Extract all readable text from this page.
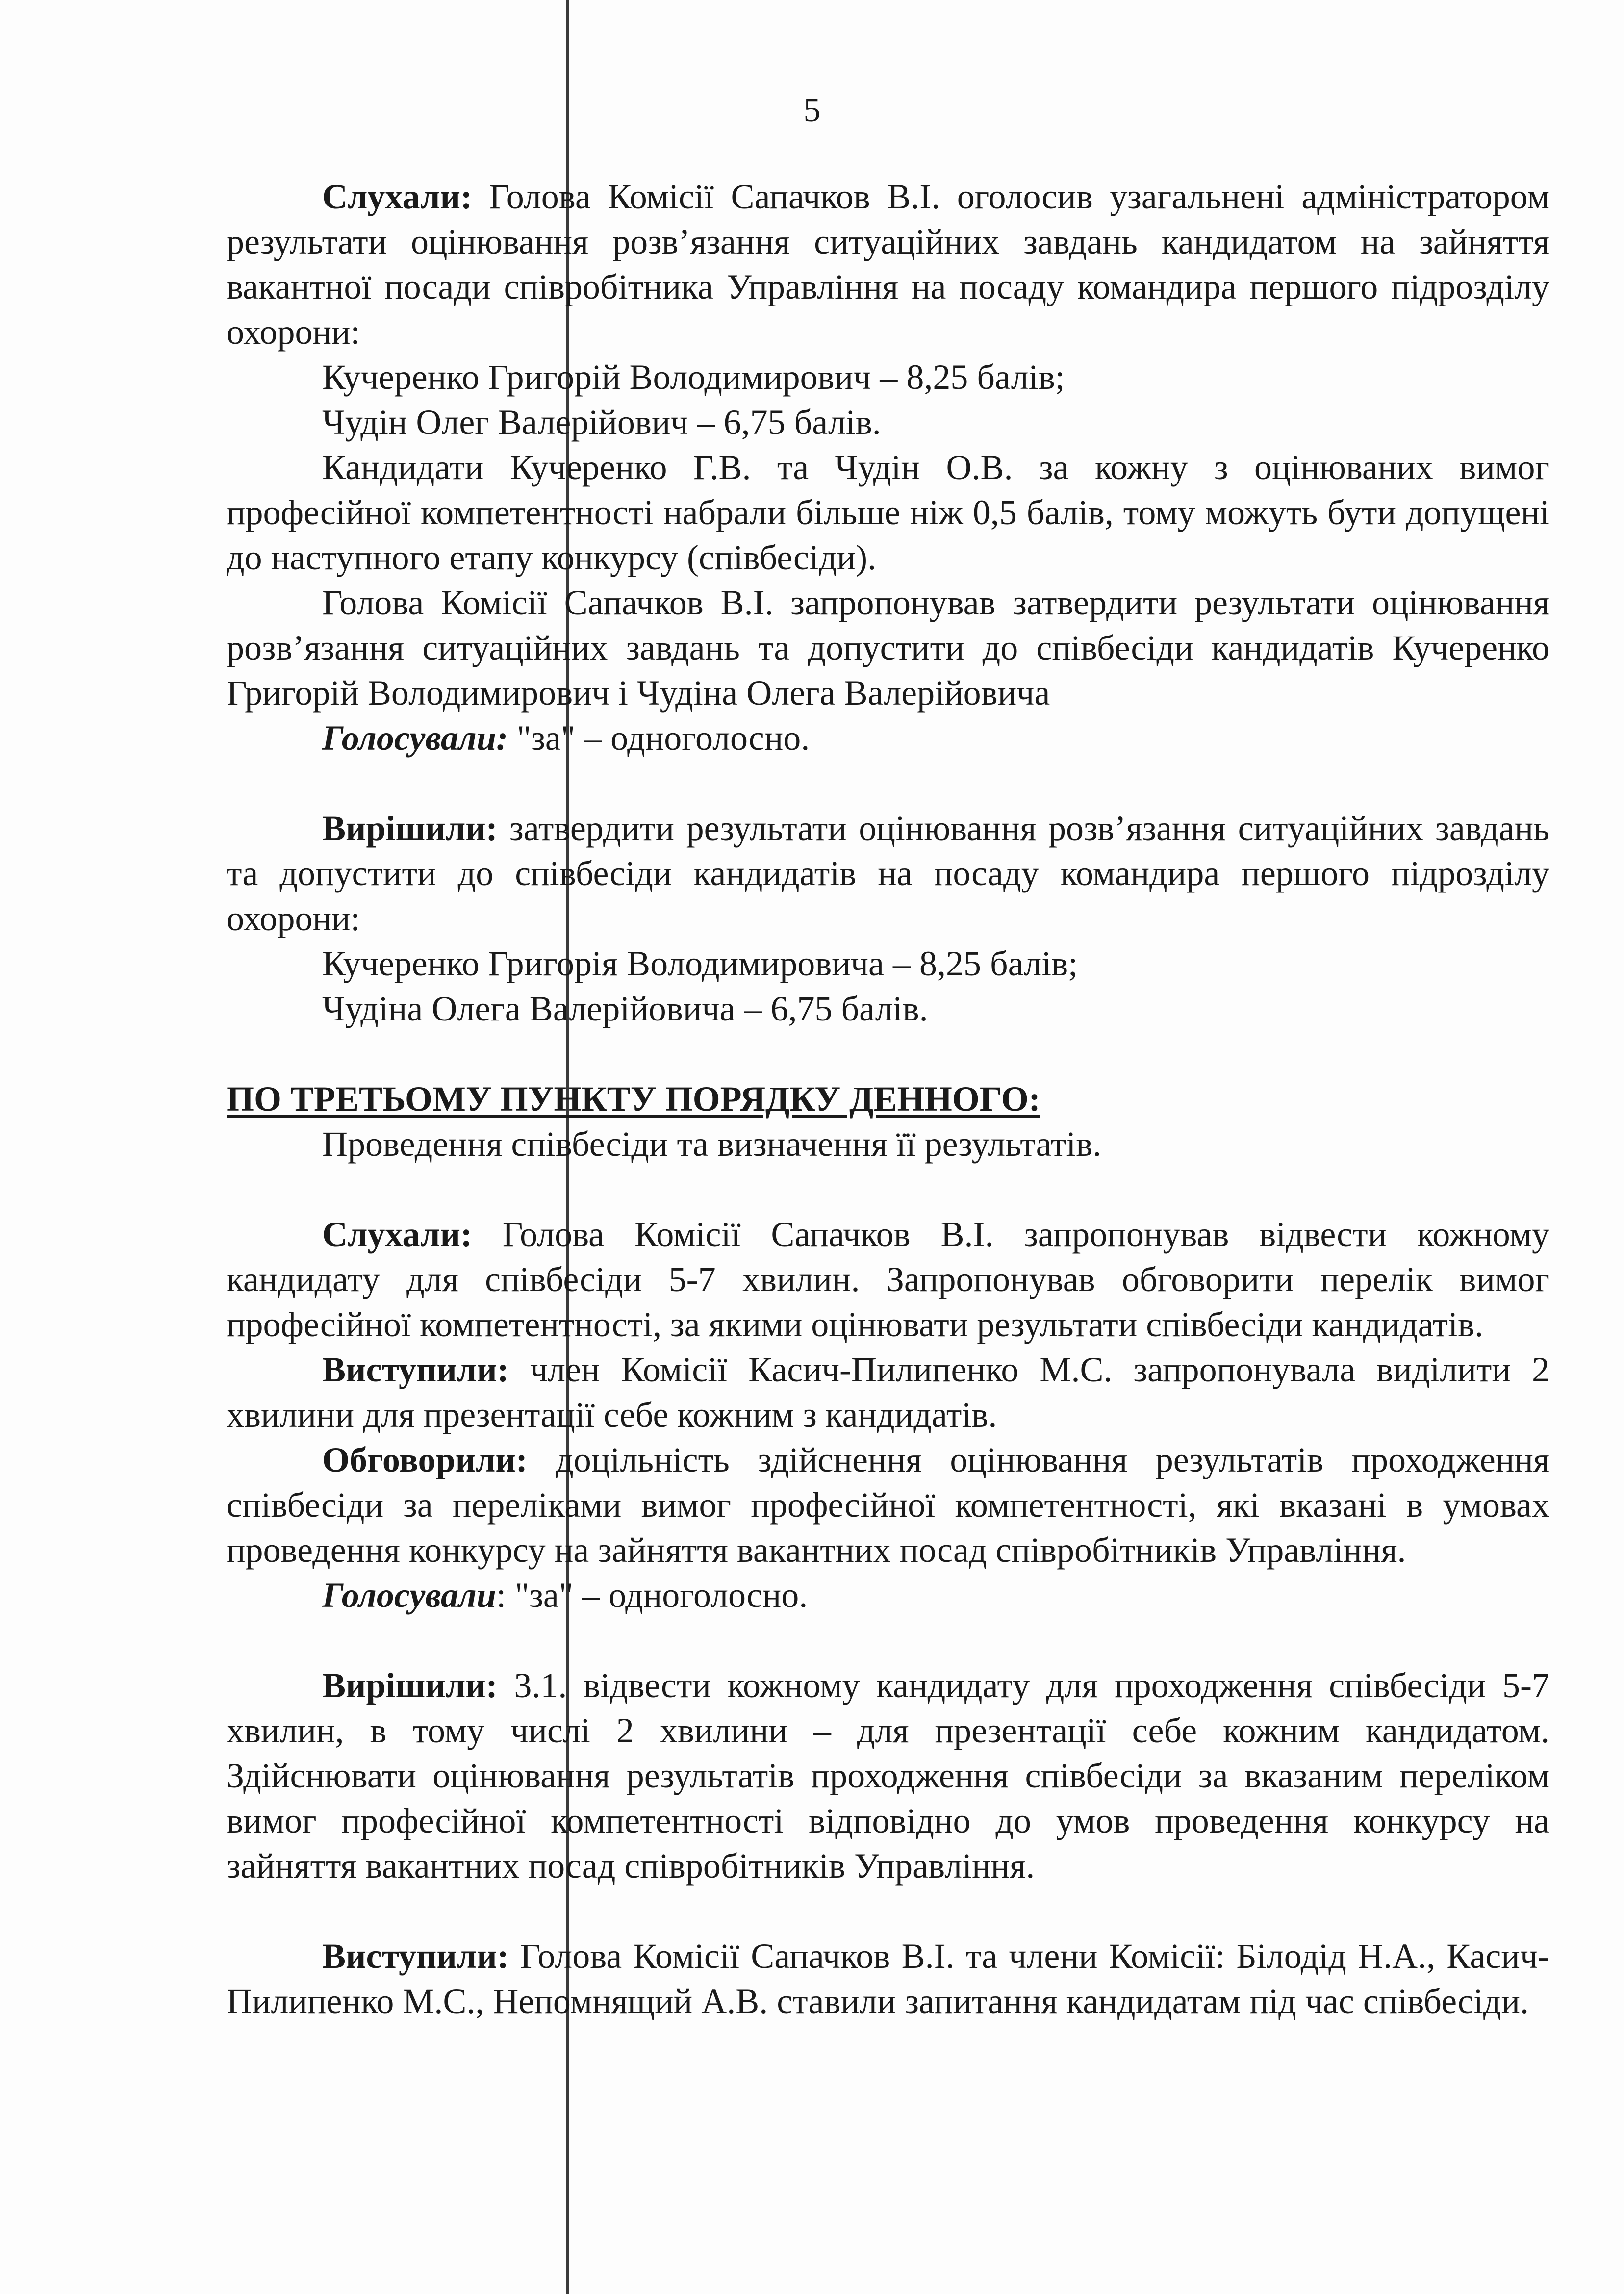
5

Слухали: Голова Комісії Сапачков В.І. оголосив узагальнені адміністратором результати оцінювання розв’язання ситуаційних завдань кандидатом на зайняття вакантної посади співробітника Управління на посаду командира першого підрозділу охорони:

Кучеренко Григорій Володимирович – 8,25 балів;

Чудін Олег Валерійович – 6,75 балів.

Кандидати Кучеренко Г.В. та Чудін О.В. за кожну з оцінюваних вимог професійної компетентності набрали більше ніж 0,5 балів, тому можуть бути допущені до наступного етапу конкурсу (співбесіди).

Голова Комісії Сапачков В.І. запропонував затвердити результати оцінювання розв’язання ситуаційних завдань та допустити до співбесіди кандидатів Кучеренко Григорій Володимирович і Чудіна Олега Валерійовича

Голосували: "за" – одноголосно.

Вирішили: затвердити результати оцінювання розв’язання ситуаційних завдань та допустити до співбесіди кандидатів на посаду командира першого підрозділу охорони:

Кучеренко Григорія Володимировича – 8,25 балів;

Чудіна Олега Валерійовича – 6,75 балів.

ПО ТРЕТЬОМУ ПУНКТУ ПОРЯДКУ ДЕННОГО:

Проведення співбесіди та визначення її результатів.

Слухали: Голова Комісії Сапачков В.І. запропонував відвести кожному кандидату для співбесіди 5-7 хвилин. Запропонував обговорити перелік вимог професійної компетентності, за якими оцінювати результати співбесіди кандидатів.

Виступили: член Комісії Касич-Пилипенко М.С. запропонувала виділити 2 хвилини для презентації себе кожним з кандидатів.

Обговорили: доцільність здійснення оцінювання результатів проходження співбесіди за переліками вимог професійної компетентності, які вказані в умовах проведення конкурсу на зайняття вакантних посад співробітників Управління.

Голосували: "за" – одноголосно.

Вирішили: 3.1. відвести кожному кандидату для проходження співбесіди 5-7 хвилин, в тому числі 2 хвилини – для презентації себе кожним кандидатом. Здійснювати оцінювання результатів проходження співбесіди за вказаним переліком вимог професійної компетентності відповідно до умов проведення конкурсу на зайняття вакантних посад співробітників Управління.

Виступили: Голова Комісії Сапачков В.І. та члени Комісії: Білодід Н.А., Касич-Пилипенко М.С., Непомнящий А.В. ставили запитання кандидатам під час співбесіди.
